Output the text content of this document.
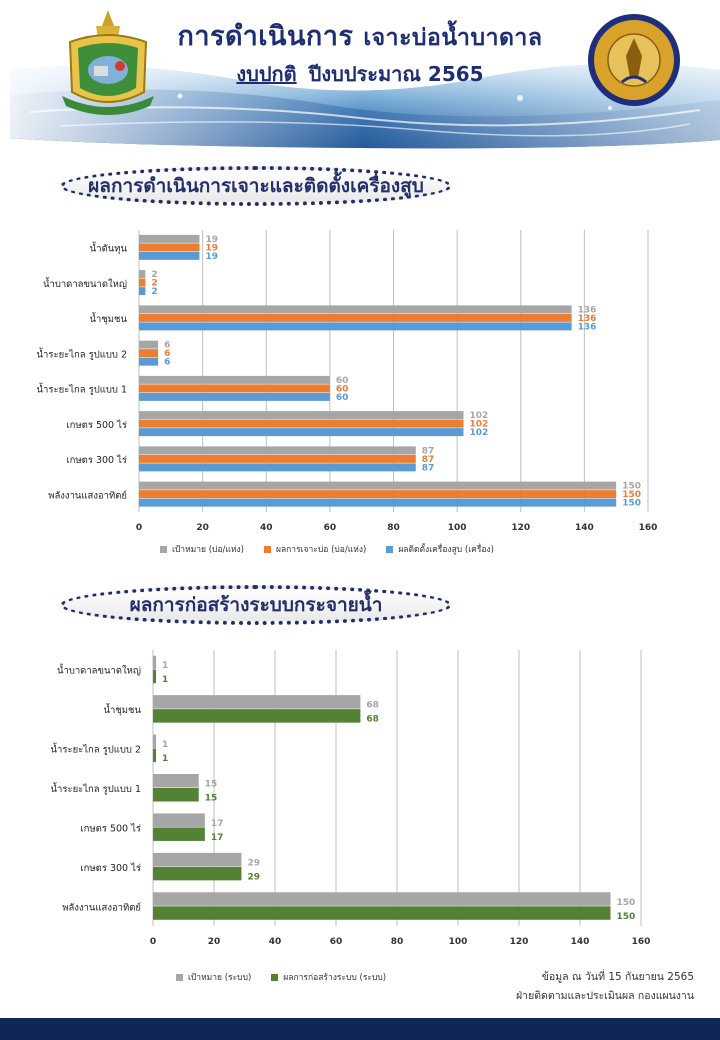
การดำเนินการ เจาะบ่อน้ำบาดาล
งบปกติ ปีงบประมาณ 2565
ผลการดำเนินการเจาะและติดตั้งเครื่องสูบ
0	20	40	60	80	100	120	140	160
น้ำดันทุน
19
19
19
น้ำบาดาลขนาดใหญ่
2
2
2
น้ำชุมชน
136
136
136
น้ำระยะไกล รูปแบบ 2
6
6
6
น้ำระยะไกล รูปแบบ 1
60
60
60
เกษตร 500 ไร่
102
102
102
เกษตร 300 ไร่
87
87
87
พลังงานแสงอาทิตย์
150
150
150
เป้าหมาย (บ่อ/แห่ง)	ผลการเจาะบ่อ (บ่อ/แห่ง)	ผลติดตั้งเครื่องสูบ (เครื่อง)
ผลการก่อสร้างระบบกระจายน้ำ
0	20	40	60	80	100	120	140	160
น้ำบาดาลขนาดใหญ่ 1
1
น้ำชุมชน	68
68
น้ำระยะไกล รูปแบบ 2 1
1
น้ำระยะไกล รูปแบบ 1	15
15
เกษตร 500 ไร่	17
17
เกษตร 300 ไร่	29
29
พลังงานแสงอาทิตย์	150
150
เป้าหมาย (ระบบ)	ผลการก่อสร้างระบบ (ระบบ)	ข้อมูล ณ วันที่ 15 กันยายน 2565
ฝ่ายติดตามและประเมินผล กองแผนงาน
